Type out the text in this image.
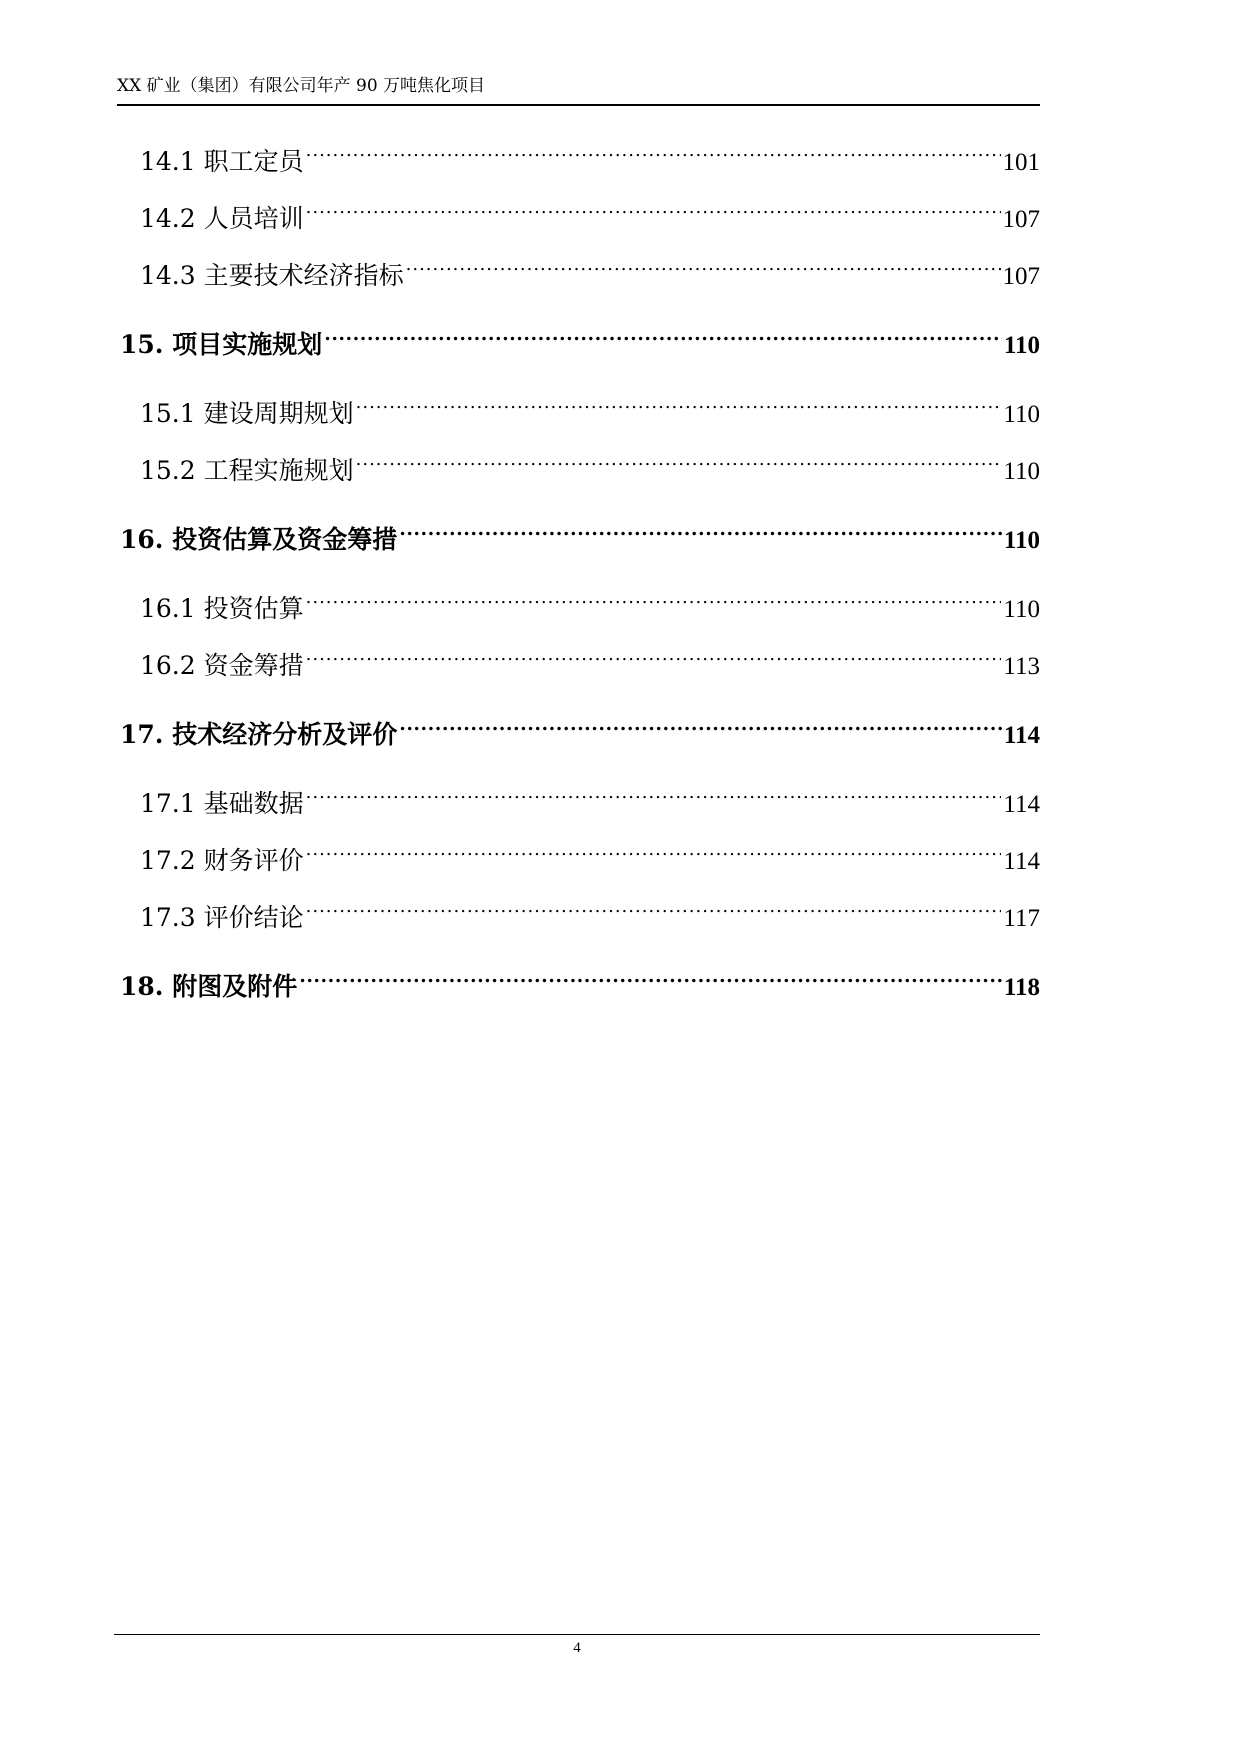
XX 矿业（集团）有限公司年产 90 万吨焦化项目
14.1 职工定员 .....	101
14.2 人员培训 .....	107
14.3 主要技术经济指标 .....	107
15. 项目实施规划 .....	110
15.1 建设周期规划 .....	110
15.2 工程实施规划 .....	110
16. 投资估算及资金筹措 .....	110
16.1 投资估算 .....	110
16.2 资金筹措 .....	113
17. 技术经济分析及评价 .....	114
17.1 基础数据 .....	114
17.2 财务评价 .....	114
17.3 评价结论 .....	117
18. 附图及附件 .....	118
4
